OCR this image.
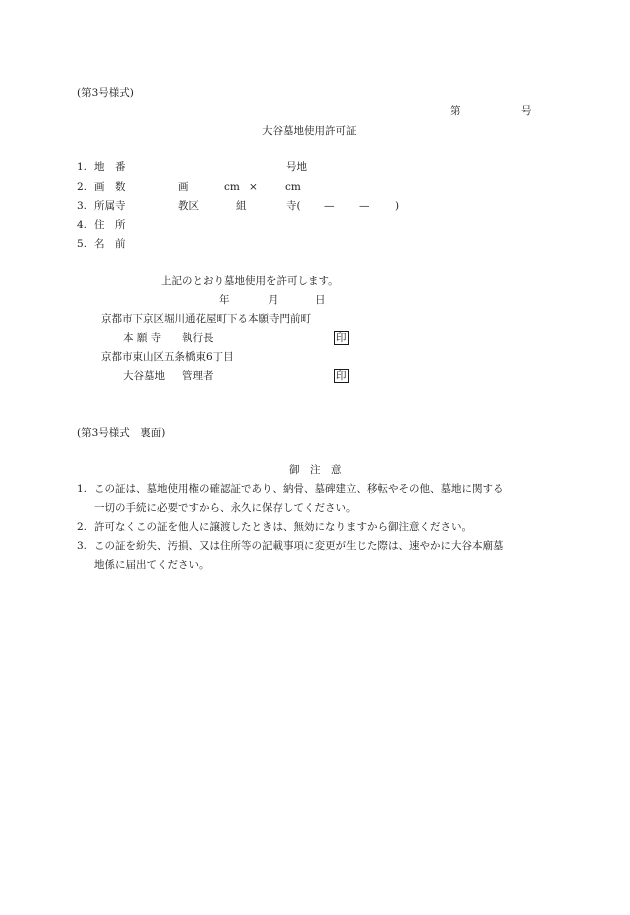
(第3号様式)
第	号
大谷墓地使用許可証
1. 地　番	号地
2. 画　数	画	cm ×	cm
3. 所属寺	教区	組	寺( — — )
4. 住　所
5. 名　前
上記のとおり墓地使用を許可します。
年	月	日
京都市下京区堀川通花屋町下る本願寺門前町
本 願 寺 執行長	印
京都市東山区五条橋東6丁目
大谷墓地 管理者	印
(第3号様式　裏面)
御　注　意
1. この証は、墓地使用権の確認証であり、納骨、墓碑建立、移転やその他、墓地に関する
一切の手続に必要ですから、永久に保存してください。
2. 許可なくこの証を他人に譲渡したときは、無効になりますから御注意ください。
3. この証を紛失、汚損、又は住所等の記載事項に変更が生じた際は、速やかに大谷本廟墓
地係に届出てください。
